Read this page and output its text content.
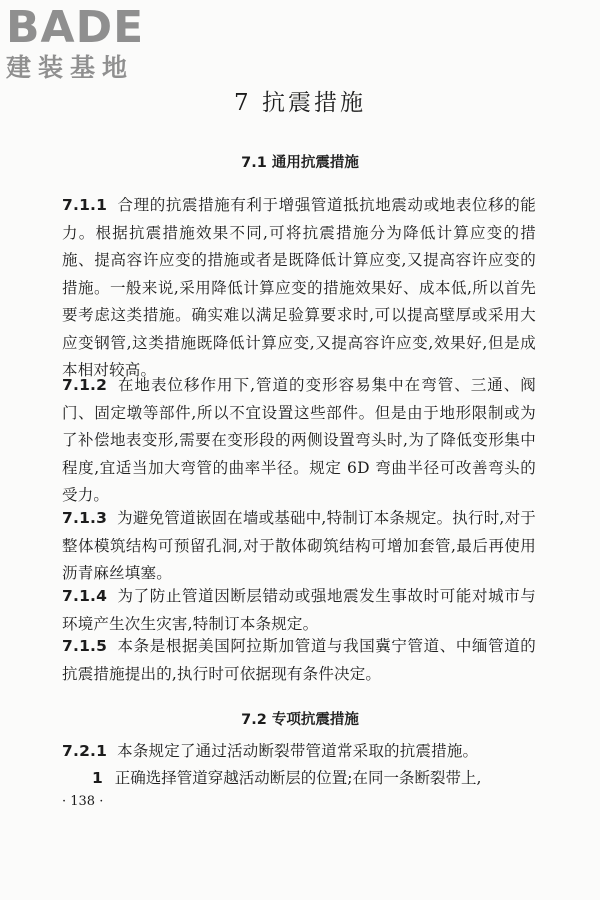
BADE
建装基地
7 抗震措施
7.1 通用抗震措施
7.1.1 合理的抗震措施有利于增强管道抵抗地震动或地表位移的能力。根据抗震措施效果不同,可将抗震措施分为降低计算应变的措施、提高容许应变的措施或者是既降低计算应变,又提高容许应变的措施。一般来说,采用降低计算应变的措施效果好、成本低,所以首先要考虑这类措施。确实难以满足验算要求时,可以提高壁厚或采用大应变钢管,这类措施既降低计算应变,又提高容许应变,效果好,但是成本相对较高。
7.1.2 在地表位移作用下,管道的变形容易集中在弯管、三通、阀门、固定墩等部件,所以不宜设置这些部件。但是由于地形限制或为了补偿地表变形,需要在变形段的两侧设置弯头时,为了降低变形集中程度,宜适当加大弯管的曲率半径。规定 6D 弯曲半径可改善弯头的受力。
7.1.3 为避免管道嵌固在墙或基础中,特制订本条规定。执行时,对于整体模筑结构可预留孔洞,对于散体砌筑结构可增加套管,最后再使用沥青麻丝填塞。
7.1.4 为了防止管道因断层错动或强地震发生事故时可能对城市与环境产生次生灾害,特制订本条规定。
7.1.5 本条是根据美国阿拉斯加管道与我国冀宁管道、中缅管道的抗震措施提出的,执行时可依据现有条件决定。
7.2 专项抗震措施
7.2.1 本条规定了通过活动断裂带管道常采取的抗震措施。
1 正确选择管道穿越活动断层的位置;在同一条断裂带上,
· 138 ·
